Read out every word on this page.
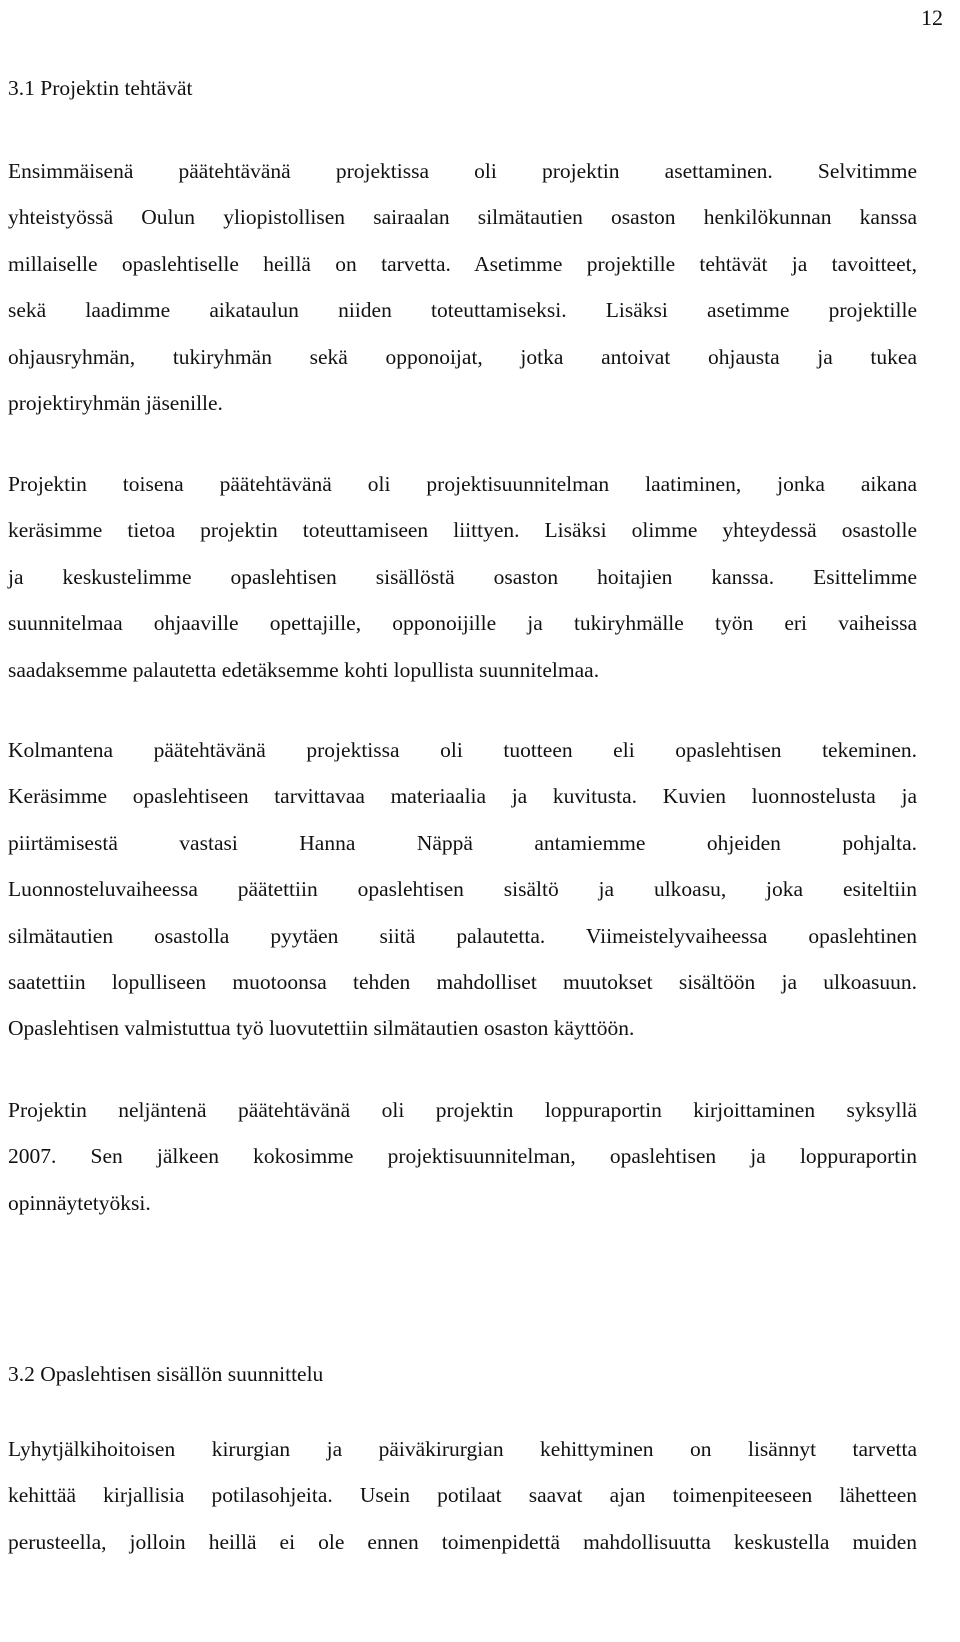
12
3.1 Projektin tehtävät
Ensimmäisenä päätehtävänä projektissa oli projektin asettaminen. Selvitimme
yhteistyössä Oulun yliopistollisen sairaalan silmätautien osaston henkilökunnan kanssa
millaiselle opaslehtiselle heillä on tarvetta. Asetimme projektille tehtävät ja tavoitteet,
sekä laadimme aikataulun niiden toteuttamiseksi. Lisäksi asetimme projektille
ohjausryhmän, tukiryhmän sekä opponoijat, jotka antoivat ohjausta ja tukea
projektiryhmän jäsenille.
Projektin toisena päätehtävänä oli projektisuunnitelman laatiminen, jonka aikana
keräsimme tietoa projektin toteuttamiseen liittyen. Lisäksi olimme yhteydessä osastolle
ja keskustelimme opaslehtisen sisällöstä osaston hoitajien kanssa. Esittelimme
suunnitelmaa ohjaaville opettajille, opponoijille ja tukiryhmälle työn eri vaiheissa
saadaksemme palautetta edetäksemme kohti lopullista suunnitelmaa.
Kolmantena päätehtävänä projektissa oli tuotteen eli opaslehtisen tekeminen.
Keräsimme opaslehtiseen tarvittavaa materiaalia ja kuvitusta. Kuvien luonnostelusta ja
piirtämisestä vastasi Hanna Näppä antamiemme ohjeiden pohjalta.
Luonnosteluvaiheessa päätettiin opaslehtisen sisältö ja ulkoasu, joka esiteltiin
silmätautien osastolla pyytäen siitä palautetta. Viimeistelyvaiheessa opaslehtinen
saatettiin lopulliseen muotoonsa tehden mahdolliset muutokset sisältöön ja ulkoasuun.
Opaslehtisen valmistuttua työ luovutettiin silmätautien osaston käyttöön.
Projektin neljäntenä päätehtävänä oli projektin loppuraportin kirjoittaminen syksyllä
2007. Sen jälkeen kokosimme projektisuunnitelman, opaslehtisen ja loppuraportin
opinnäytetyöksi.
3.2 Opaslehtisen sisällön suunnittelu
Lyhytjälkihoitoisen kirurgian ja päiväkirurgian kehittyminen on lisännyt tarvetta
kehittää kirjallisia potilasohjeita. Usein potilaat saavat ajan toimenpiteeseen lähetteen
perusteella, jolloin heillä ei ole ennen toimenpidettä mahdollisuutta keskustella muiden
